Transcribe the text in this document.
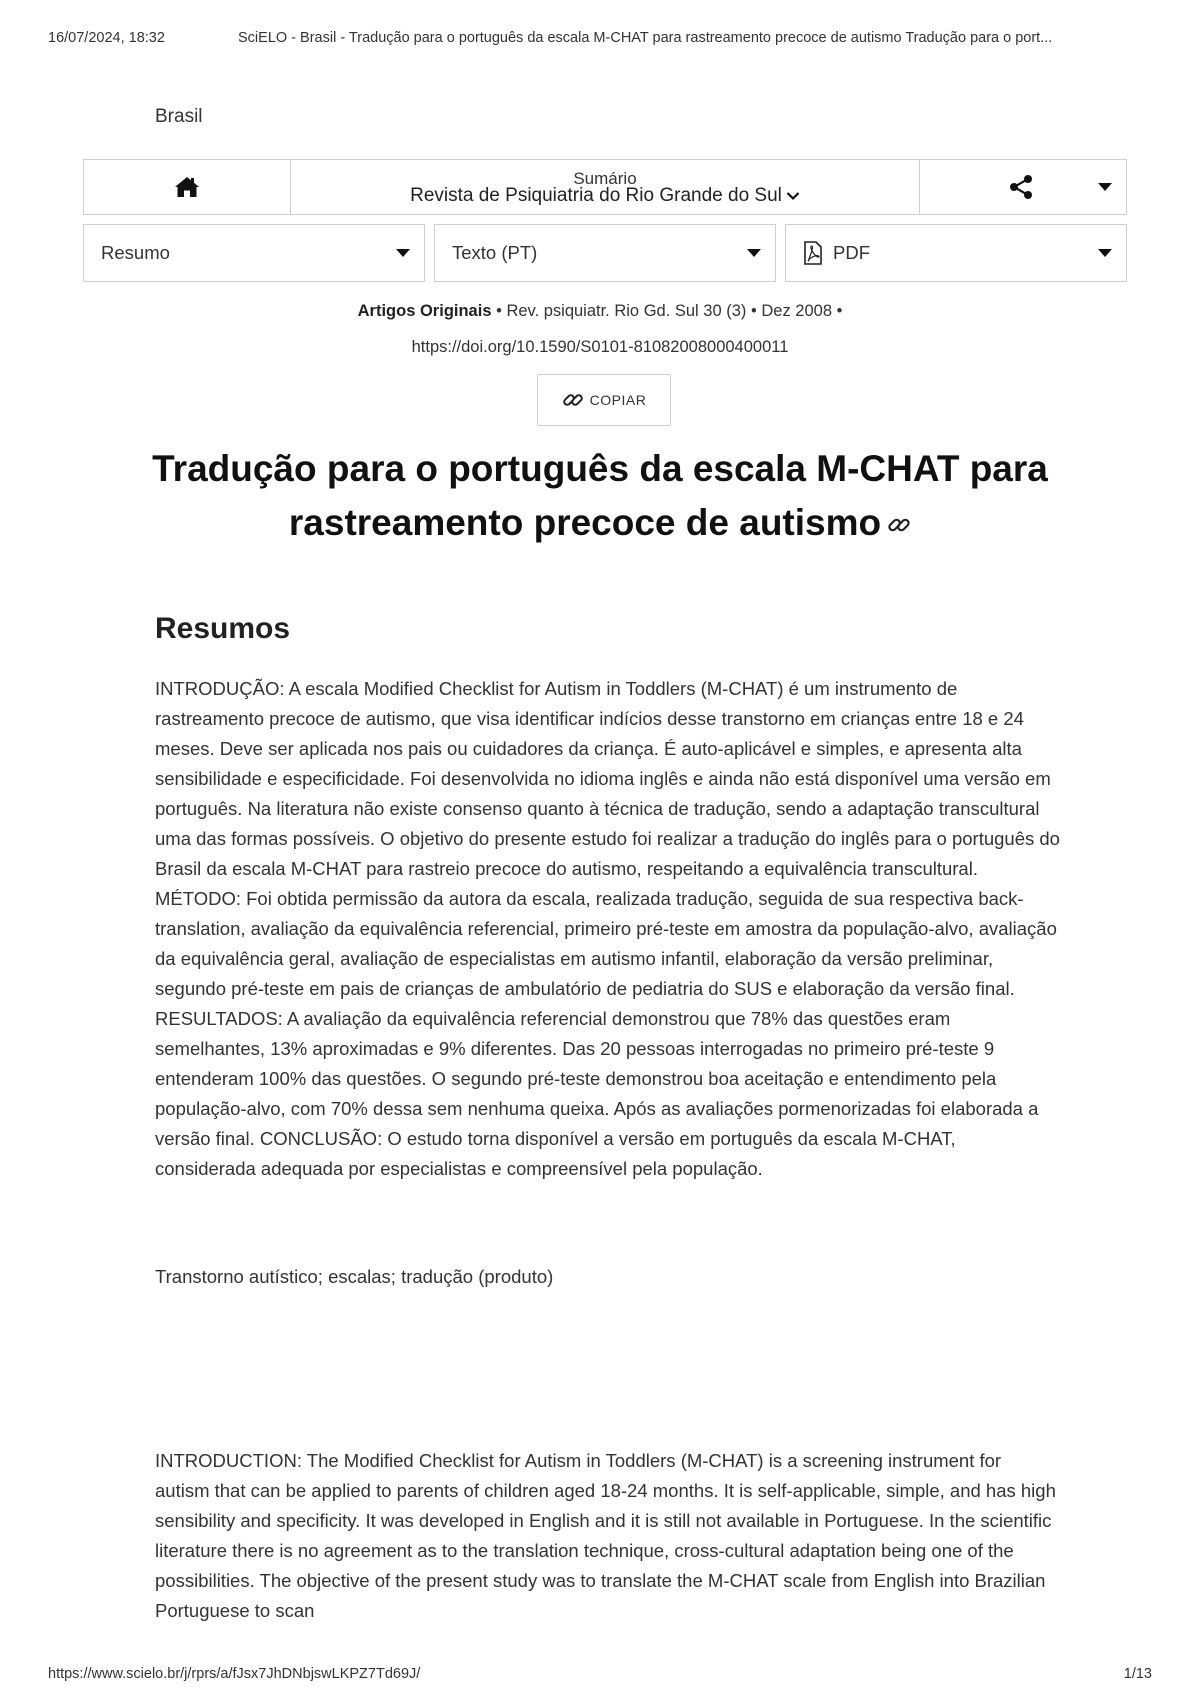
16/07/2024, 18:32	SciELO - Brasil - Tradução para o português da escala M-CHAT para rastreamento precoce de autismo Tradução para o port...
Brasil
Sumário
Revista de Psiquiatria do Rio Grande do Sul
Resumo	Texto (PT)	PDF
Artigos Originais • Rev. psiquiatr. Rio Gd. Sul 30 (3) • Dez 2008 •
https://doi.org/10.1590/S0101-81082008000400011
COPIAR
Tradução para o português da escala M-CHAT para rastreamento precoce de autismo
Resumos

INTRODUÇÃO: A escala Modified Checklist for Autism in Toddlers (M-CHAT) é um instrumento de rastreamento precoce de autismo, que visa identificar indícios desse transtorno em crianças entre 18 e 24 meses. Deve ser aplicada nos pais ou cuidadores da criança. É auto-aplicável e simples, e apresenta alta sensibilidade e especificidade. Foi desenvolvida no idioma inglês e ainda não está disponível uma versão em português. Na literatura não existe consenso quanto à técnica de tradução, sendo a adaptação transcultural uma das formas possíveis. O objetivo do presente estudo foi realizar a tradução do inglês para o português do Brasil da escala M-CHAT para rastreio precoce do autismo, respeitando a equivalência transcultural. MÉTODO: Foi obtida permissão da autora da escala, realizada tradução, seguida de sua respectiva back-translation, avaliação da equivalência referencial, primeiro pré-teste em amostra da população-alvo, avaliação da equivalência geral, avaliação de especialistas em autismo infantil, elaboração da versão preliminar, segundo pré-teste em pais de crianças de ambulatório de pediatria do SUS e elaboração da versão final. RESULTADOS: A avaliação da equivalência referencial demonstrou que 78% das questões eram semelhantes, 13% aproximadas e 9% diferentes. Das 20 pessoas interrogadas no primeiro pré-teste 9 entenderam 100% das questões. O segundo pré-teste demonstrou boa aceitação e entendimento pela população-alvo, com 70% dessa sem nenhuma queixa. Após as avaliações pormenorizadas foi elaborada a versão final. CONCLUSÃO: O estudo torna disponível a versão em português da escala M-CHAT, considerada adequada por especialistas e compreensível pela população.

Transtorno autístico; escalas; tradução (produto)

INTRODUCTION: The Modified Checklist for Autism in Toddlers (M-CHAT) is a screening instrument for autism that can be applied to parents of children aged 18-24 months. It is self-applicable, simple, and has high sensibility and specificity. It was developed in English and it is still not available in Portuguese. In the scientific literature there is no agreement as to the translation technique, cross-cultural adaptation being one of the possibilities. The objective of the present study was to translate the M-CHAT scale from English into Brazilian Portuguese to scan

https://www.scielo.br/j/rprs/a/fJsx7JhDNbjswLKPZ7Td69J/	1/13
